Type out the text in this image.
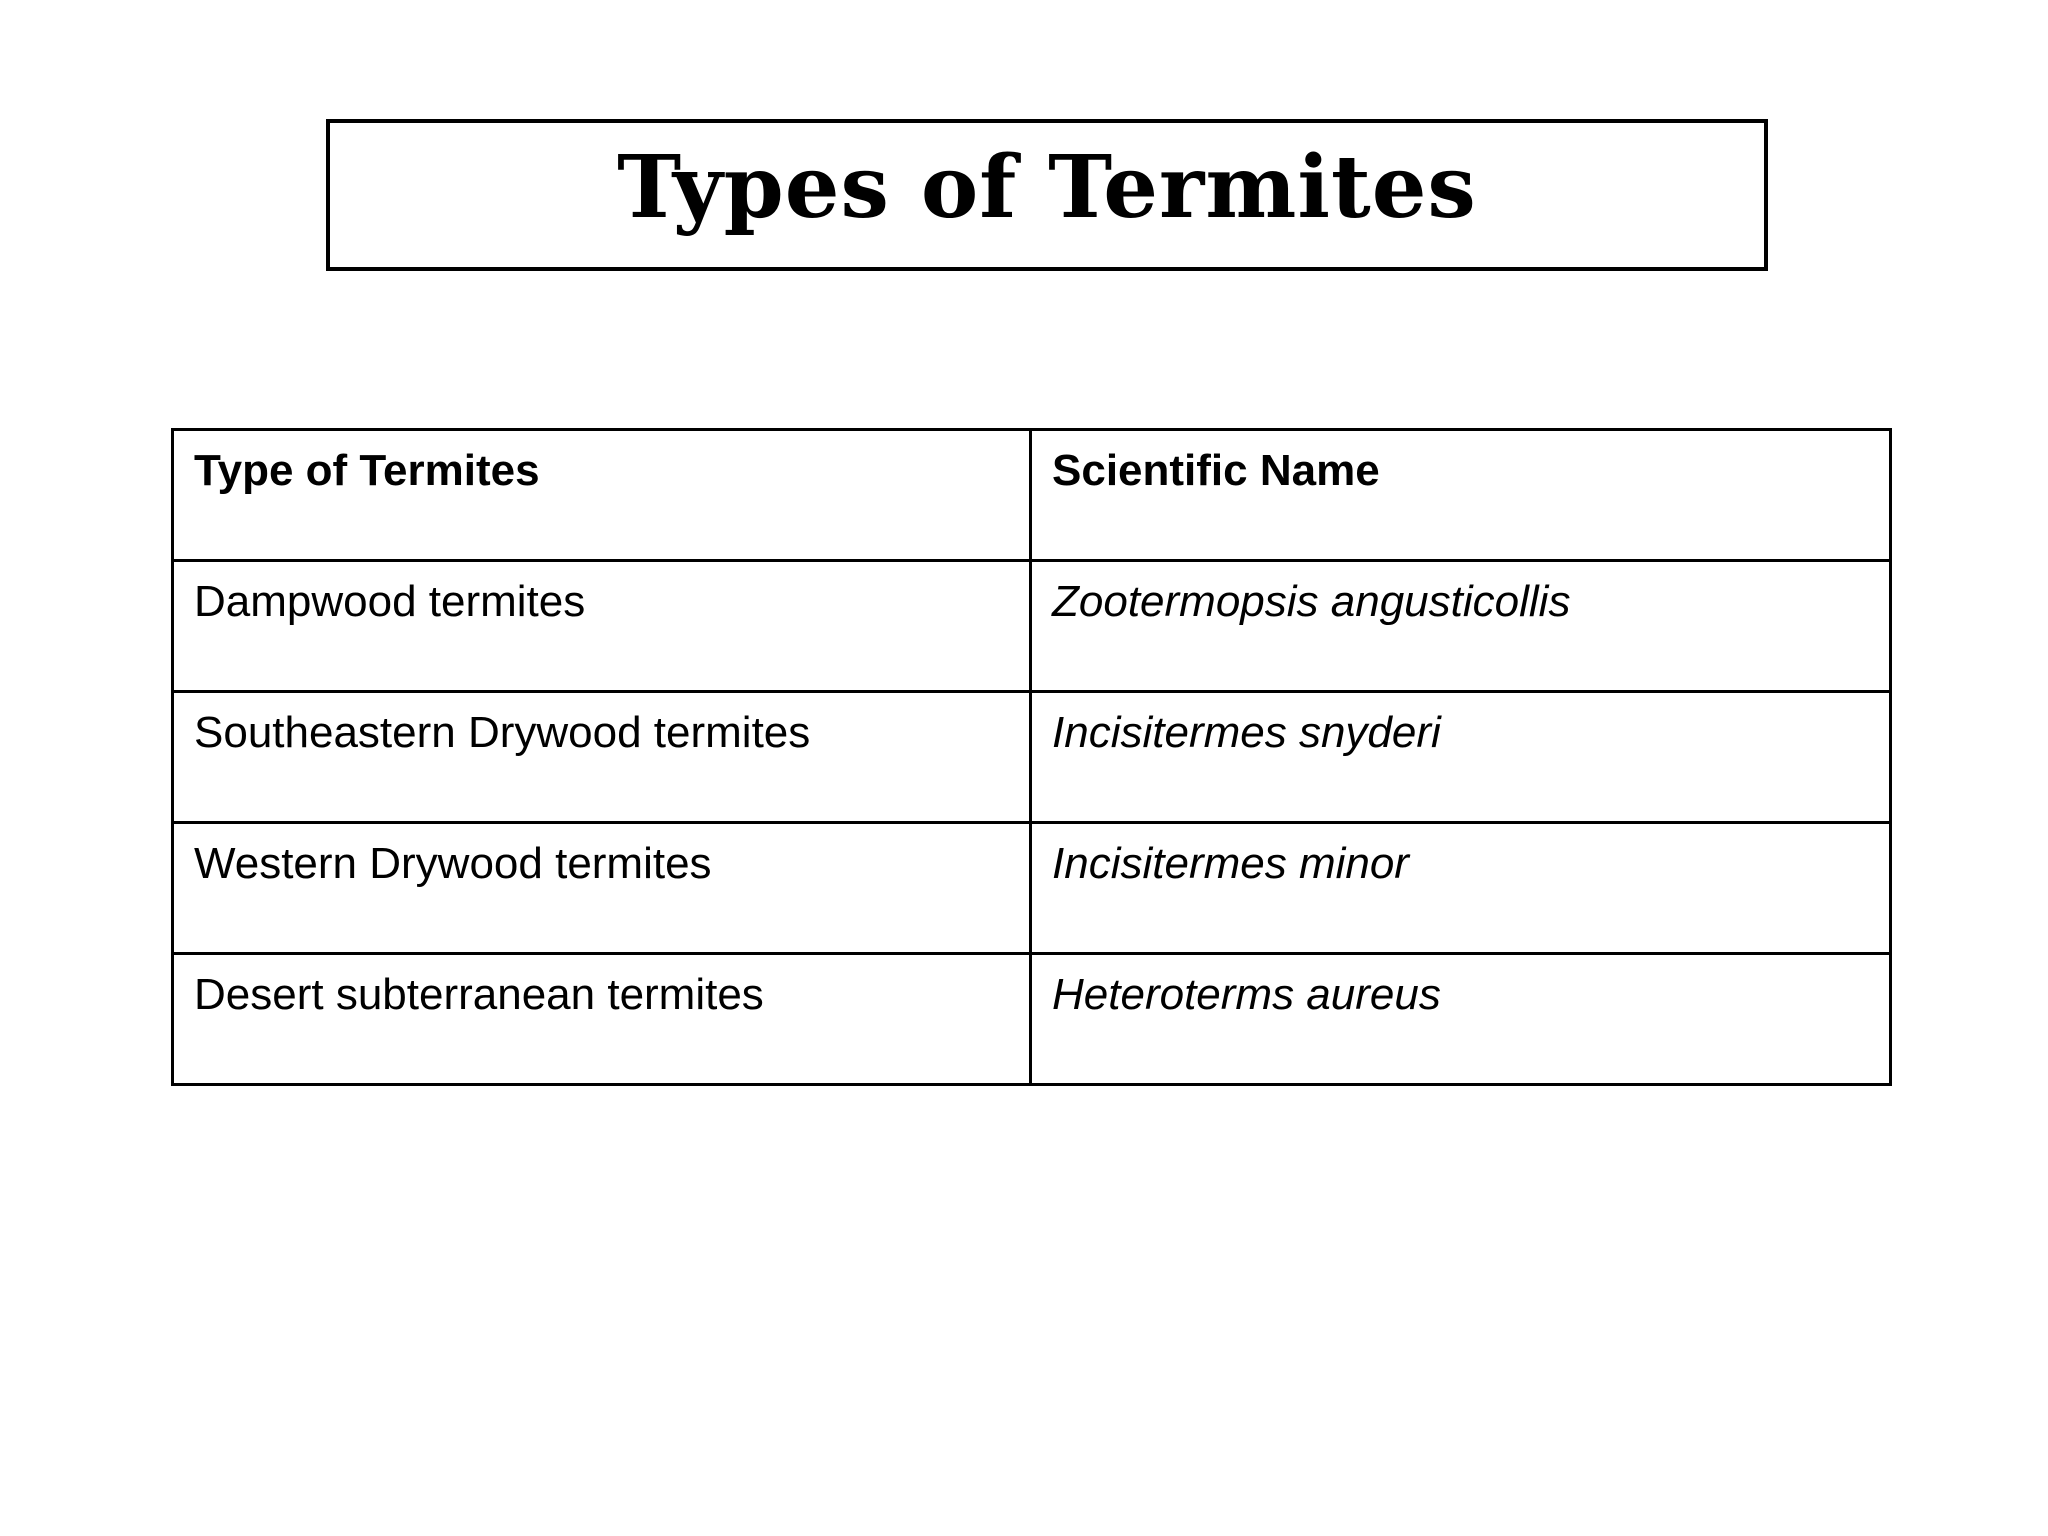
Types of Termites
Type of Termites	Scientific Name
Dampwood termites	Zootermopsis angusticollis
Southeastern Drywood termites	Incisitermes snyderi
Western Drywood termites	Incisitermes minor
Desert subterranean termites	Heteroterms aureus
